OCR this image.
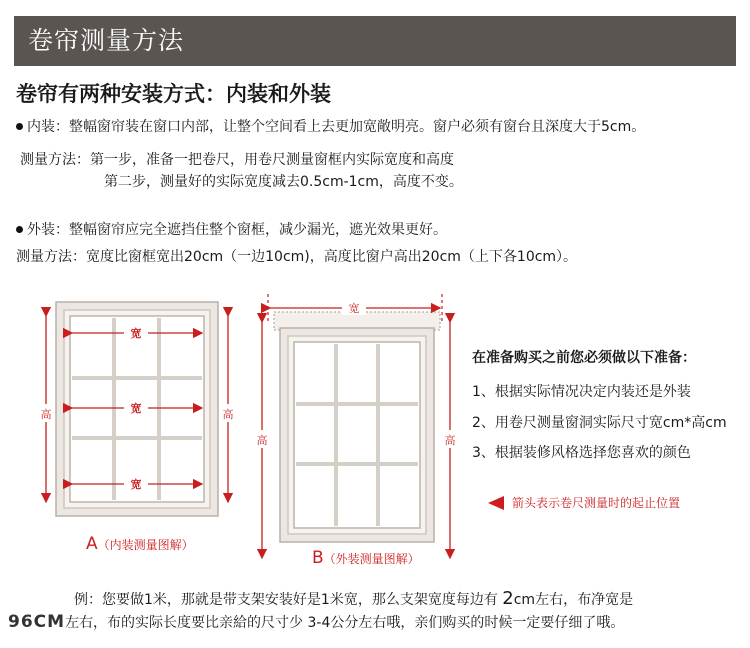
卷帘测量方法
卷帘有两种安装方式：内装和外装
内装：整幅窗帘装在窗口内部，让整个空间看上去更加宽敞明亮。窗户必须有窗台且深度大于5cm。
测量方法：第一步，准备一把卷尺，用卷尺测量窗框内实际宽度和高度
第二步，测量好的实际宽度减去0.5cm-1cm，高度不变。
外装：整幅窗帘应完全遮挡住整个窗框，减少漏光，遮光效果更好。
测量方法：宽度比窗框宽出20cm（一边10cm)，高度比窗户高出20cm（上下各10cm）。
宽
宽
宽
高	高
A（内装测量图解）
宽
高	高
B（外装测量图解）
在准备购买之前您必须做以下准备：
1、根据实际情况决定内装还是外装
2、用卷尺测量窗洞实际尺寸宽cm*高cm
3、根据装修风格选择您喜欢的颜色
箭头表示卷尺测量时的起止位置
例：您要做1米，那就是带支架安装好是1米宽，那么支架宽度每边有 2cm左右，布净宽是
96CM左右，布的实际长度要比亲給的尺寸少 3-4公分左右哦，亲们购买的时候一定要仔细了哦。
